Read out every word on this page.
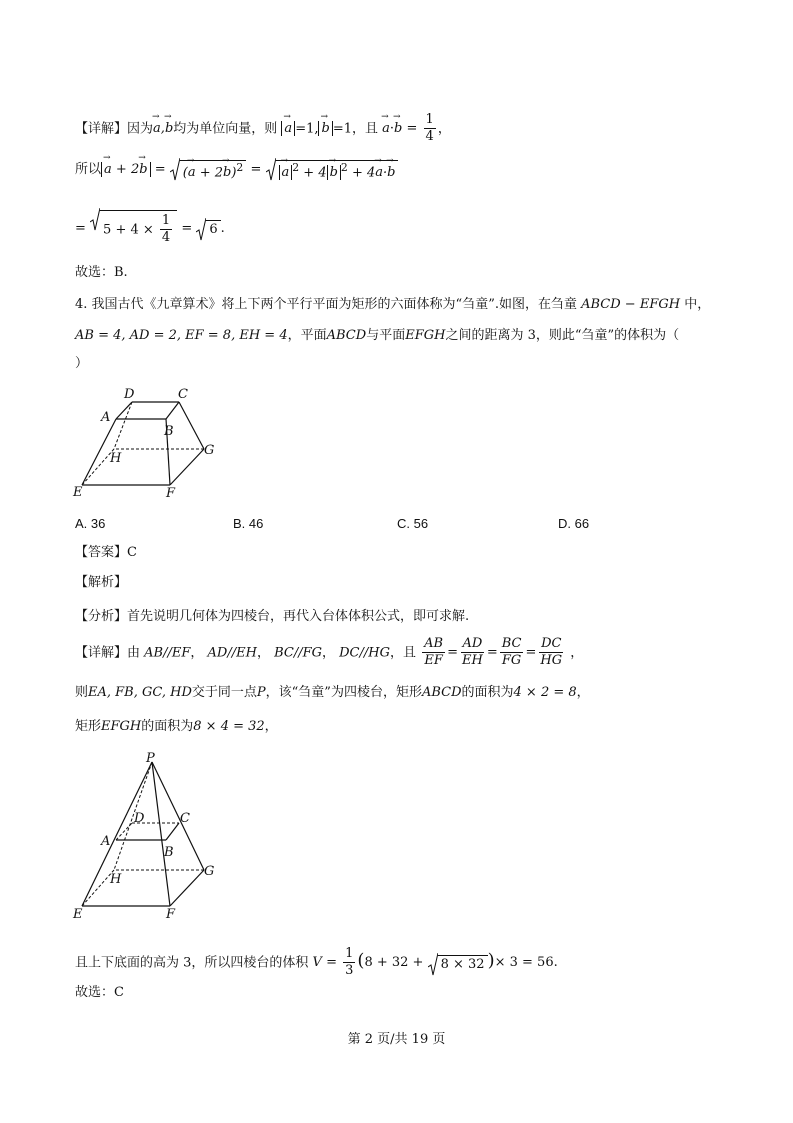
【详解】因为→ a,→ b均为单位向量，则 → a =1, → b =1，且 → $a\cdot\to b = \frac{1}{4}$ ，
所以 → a + 2→ b = (→ a + 2→ b)$^2$ = → a $^2$ + 4 → b $^2$ + 4→ a·→ b
= $5 + 4 \times \frac{1}{4} = 6$ .
故选：B.
4. 我国古代《九章算术》将上下两个平行平面为矩形的六面体称为“刍童”.如图，在刍童 ABCD − EFGH 中，
AB = 4, AD = 2, EF = 8, EH = 4，平面ABCD与平面EFGH之间的距离为 3，则此“刍童”的体积为（
）
D	C
A
B
H
G
E	F
A. 36	B. 46	C. 56	D. 66
【答案】C
【解析】
【分析】首先说明几何体为四棱台，再代入台体体积公式，即可求解.
【详解】由 AB//EF， AD//EH， BC//FG， DC//HG，且 $\frac{AB}{EF} = \frac{AD}{EH} = \frac{BC}{FG} = \frac{DC}{HG}$ ，
则EA, FB, GC, HD交于同一点P，该“刍童”为四棱台，矩形ABCD的面积为4 × 2 = 8，
矩形EFGH的面积为8 × 4 = 32，
P
D	C
A
B
H
G
E	F
且上下底面的高为 3，所以四棱台的体积 $V = \frac{1}{3} (8 + 32 + 8 \times 32$ )× 3 = 56.
故选：C
第 2 页/共 19 页
